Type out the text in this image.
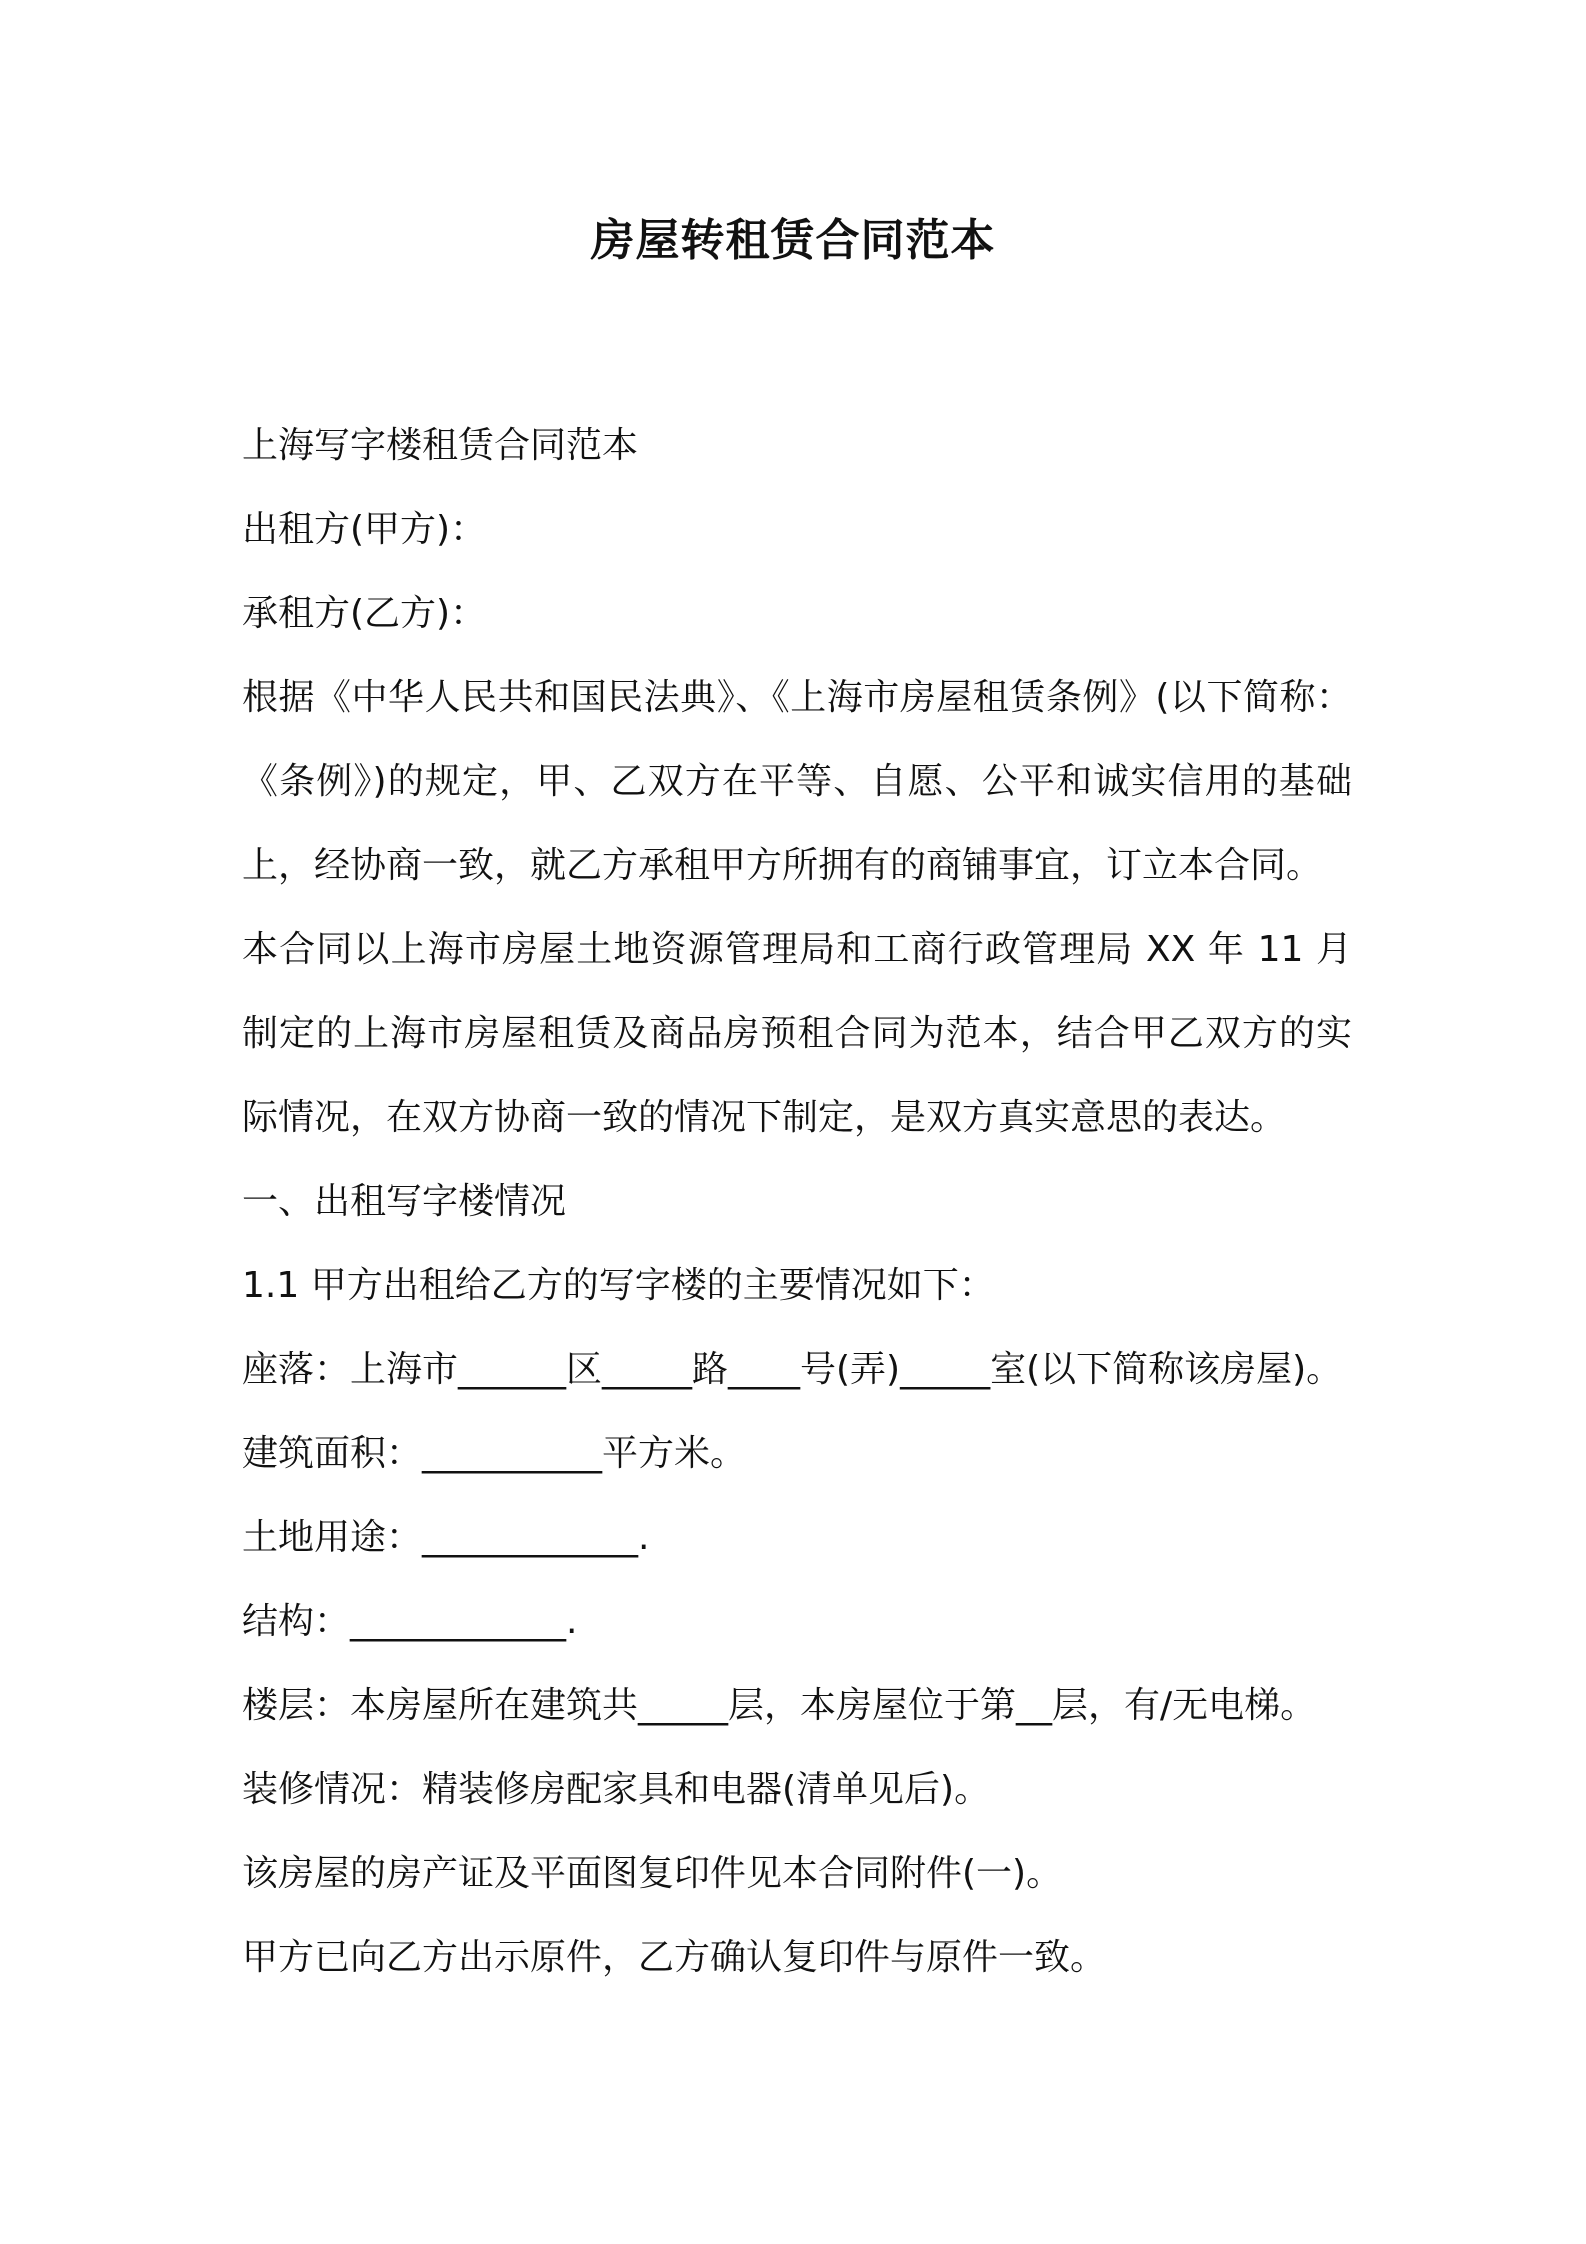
房屋转租赁合同范本
上海写字楼租赁合同范本
出租方(甲方)：
承租方(乙方)：
根据《中华人民共和国民法典》、《上海市房屋租赁条例》(以下简称：《条例》)的规定，甲、乙双方在平等、自愿、公平和诚实信用的基础上，经协商一致，就乙方承租甲方所拥有的商铺事宜，订立本合同。
本合同以上海市房屋土地资源管理局和工商行政管理局 XX 年 11 月制定的上海市房屋租赁及商品房预租合同为范本，结合甲乙双方的实际情况，在双方协商一致的情况下制定，是双方真实意思的表达。
一、出租写字楼情况
1.1 甲方出租给乙方的写字楼的主要情况如下：
座落：上海市______区_____路____号(弄)_____室(以下简称该房屋)。
建筑面积：__________平方米。
土地用途：____________.
结构：____________.
楼层：本房屋所在建筑共_____层，本房屋位于第__层，有/无电梯。
装修情况：精装修房配家具和电器(清单见后)。
该房屋的房产证及平面图复印件见本合同附件(一)。
甲方已向乙方出示原件，乙方确认复印件与原件一致。
